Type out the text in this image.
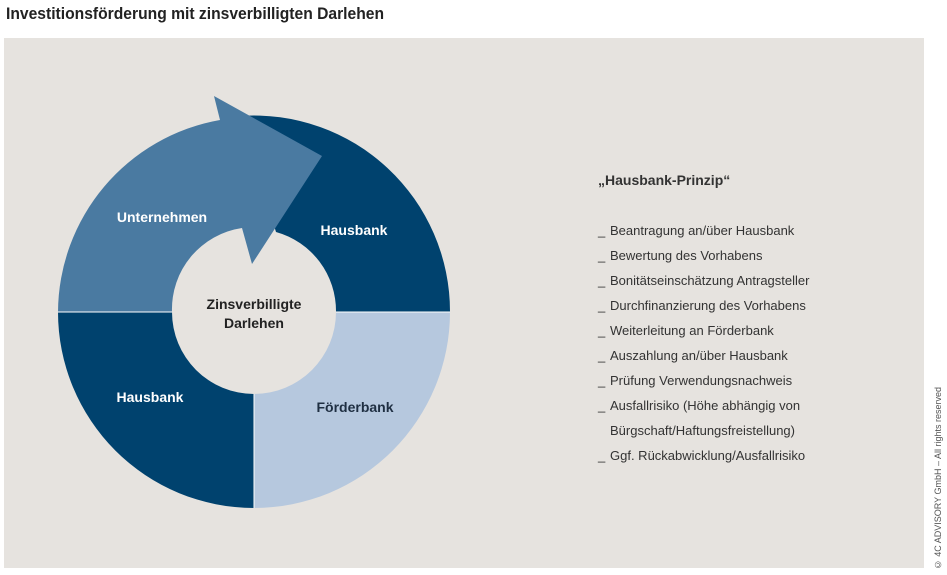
Investitionsförderung mit zinsverbilligten Darlehen
Unternehmen
Hausbank
Hausbank
Förderbank
Zinsverbilligte
Darlehen
„Hausbank-Prinzip“
_ Beantragung an/über Hausbank
_ Bewertung des Vorhabens
_ Bonitätseinschätzung Antragsteller
_ Durchfinanzierung des Vorhabens
_ Weiterleitung an Förderbank
_ Auszahlung an/über Hausbank
_ Prüfung Verwendungsnachweis
_ Ausfallrisiko (Höhe abhängig von
Bürgschaft/Haftungsfreistellung)
_ Ggf. Rückabwicklung/Ausfallrisiko	© 4C ADVISORY GmbH – All rights reserved
